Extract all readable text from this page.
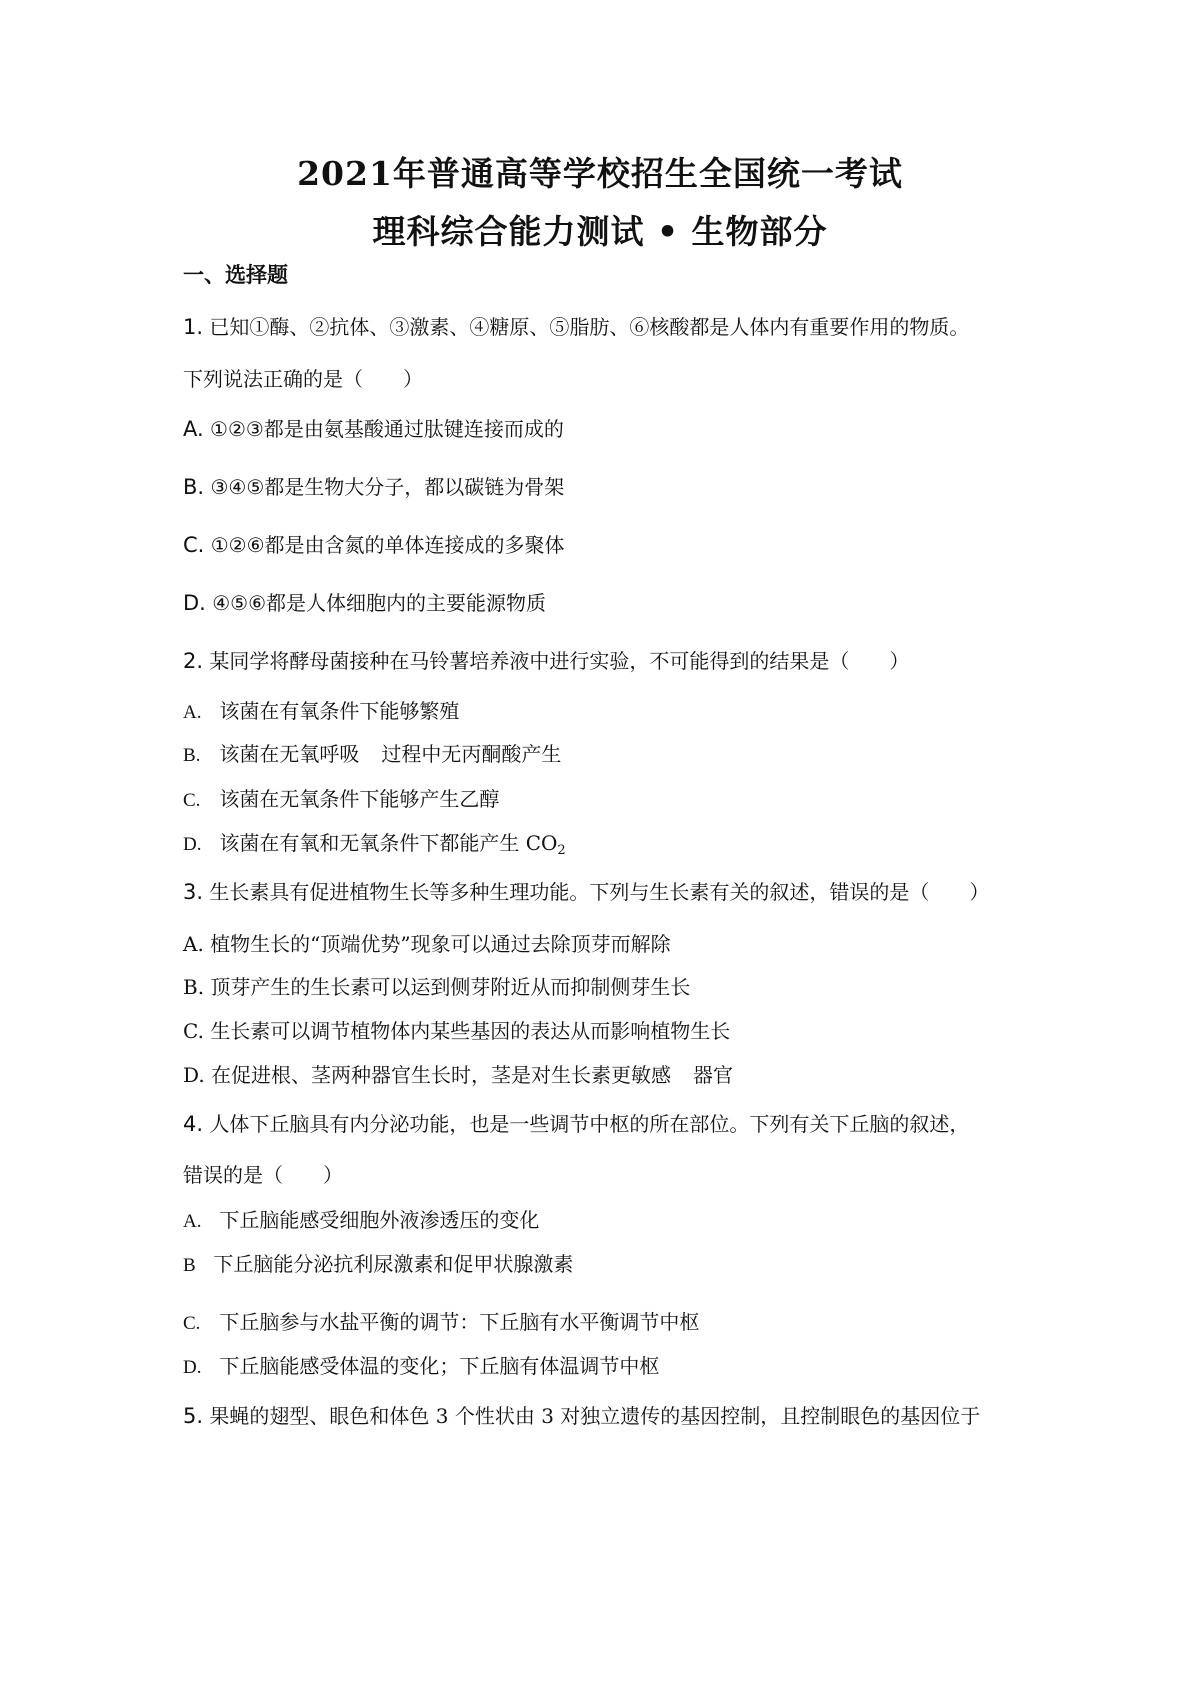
2021年普通高等学校招生全国统一考试
理科综合能力测试 • 生物部分
一、选择题
1. 已知①酶、②抗体、③激素、④糖原、⑤脂肪、⑥核酸都是人体内有重要作用的物质。
下列说法正确的是（　　）
A. ①②③都是由氨基酸通过肽键连接而成的
B. ③④⑤都是生物大分子，都以碳链为骨架
C. ①②⑥都是由含氮的单体连接成的多聚体
D. ④⑤⑥都是人体细胞内的主要能源物质
2. 某同学将酵母菌接种在马铃薯培养液中进行实验，不可能得到的结果是（　　）
A. 该菌在有氧条件下能够繁殖
B. 该菌在无氧呼吸 过程中无丙酮酸产生
C. 该菌在无氧条件下能够产生乙醇
D. 该菌在有氧和无氧条件下都能产生 $CO_2$
3. 生长素具有促进植物生长等多种生理功能。下列与生长素有关的叙述，错误的是（　　）
A. 植物生长的“顶端优势”现象可以通过去除顶芽而解除
B. 顶芽产生的生长素可以运到侧芽附近从而抑制侧芽生长
C. 生长素可以调节植物体内某些基因的表达从而影响植物生长
D. 在促进根、茎两种器官生长时，茎是对生长素更敏感 器官
4. 人体下丘脑具有内分泌功能，也是一些调节中枢的所在部位。下列有关下丘脑的叙述，
错误的是（　　）
A. 下丘脑能感受细胞外液渗透压的变化
B 下丘脑能分泌抗利尿激素和促甲状腺激素
C. 下丘脑参与水盐平衡的调节：下丘脑有水平衡调节中枢
D. 下丘脑能感受体温的变化；下丘脑有体温调节中枢
5. 果蝇的翅型、眼色和体色 3 个性状由 3 对独立遗传的基因控制，且控制眼色的基因位于
